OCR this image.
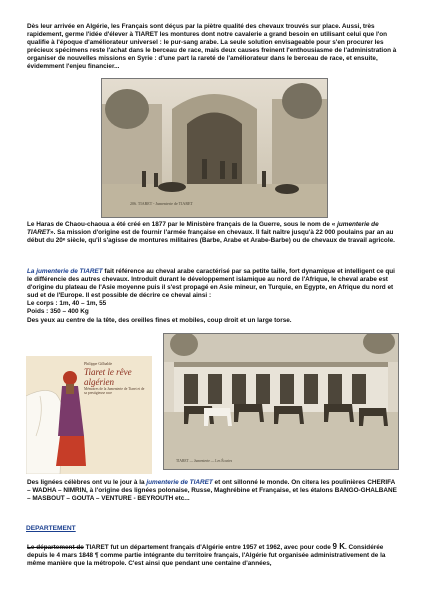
Dès leur arrivée en Algérie, les Français sont déçus par la piètre qualité des chevaux trouvés sur place. Aussi, très rapidement, germe l'idée d'élever à TIARET les montures dont notre cavalerie a grand besoin en utilisant celui que l'on qualifie à l'époque d'améliorateur universel : le pur-sang arabe. La seule solution envisageable pour s'en procurer les précieux spécimens reste l'achat dans le berceau de race, mais deux causes freinent l'enthousiasme de l'administration à organiser de nouvelles missions en Syrie : d'une part la rareté de l'améliorateur dans le berceau de race, et ensuite, évidemment l'enjeu financier...

206. TIARET - Jumenterie de TIARET

Le Haras de Chaou-chaoua a été créé en 1877 par le Ministère français de la Guerre, sous le nom de « jumenterie de TIARET». Sa mission d'origine est de fournir l'armée française en chevaux. Il fait naître jusqu'à 22 000 poulains par an au début du 20ᵉ siècle, qu'il s'agisse de montures militaires (Barbe, Arabe et Arabe-Barbe) ou de chevaux de travail agricole.

La jumenterie de TIARET fait référence au cheval arabe caractérisé par sa petite taille, fort dynamique et intelligent ce qui le différencie des autres chevaux. Introduit durant le développement islamique au nord de l'Afrique, le cheval arabe est d'origine du plateau de l'Asie moyenne puis il s'est propagé en Asie mineur, en Turquie, en Egypte, en Afrique du nord et sud et de l'Europe. Il est possible de décrire ce cheval ainsi :
Le corps : 1m, 40 – 1m, 55
Poids : 350 – 400 Kg
Des yeux au centre de la tête, des oreilles fines et mobiles, coup droit et un large torse.

Philippe Gilbalde
Tiaret le rêve algérien
Mémoires de la Jumenterie de Tiaret et de sa prestigieuse race
TIARET — Jumenterie — Les Écuries

Des lignées célèbres ont vu le jour à la jumenterie de TIARET et ont sillonné le monde. On citera les poulinières CHERIFA – WADHA – NIMRIN, à l'origine des lignées polonaise, Russe, Maghrébine et Française, et les étalons BANGO-GHALBANE – MASBOUT – GOUTA – VENTURE - BEYROUTH etc...

DEPARTEMENT

Le département de TIARET fut un département français d'Algérie entre 1957 et 1962, avec pour code 9 K. Considérée depuis le 4 mars 1848 ¶ comme partie intégrante du territoire français, l'Algérie fut organisée administrativement de la même manière que la métropole. C'est ainsi que pendant une centaine d'années,
